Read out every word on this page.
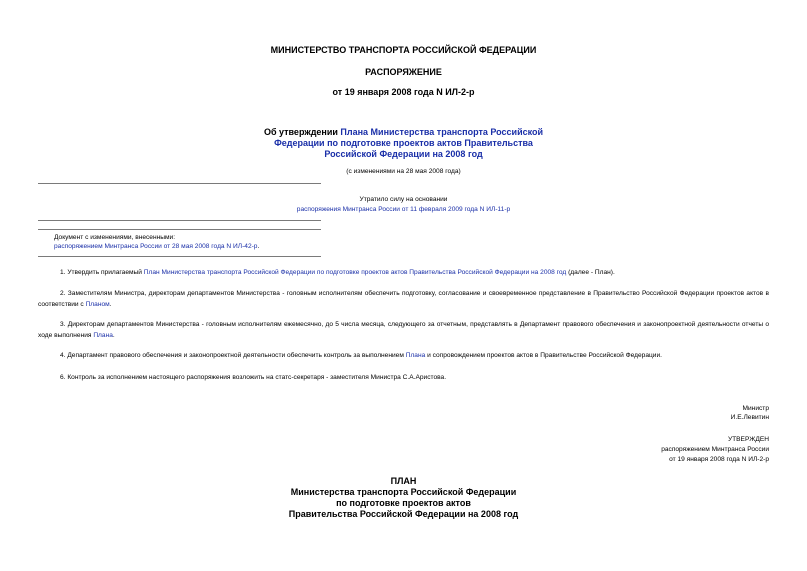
МИНИСТЕРСТВО ТРАНСПОРТА РОССИЙСКОЙ ФЕДЕРАЦИИ
РАСПОРЯЖЕНИЕ
от 19 января 2008 года N ИЛ-2-р
Об утверждении Плана Министерства транспорта Российской
Федерации по подготовке проектов актов Правительства
Российской Федерации на 2008 год
(с изменениями на 28 мая 2008 года)
Утратило силу на основании
распоряжения Минтранса России от 11 февраля 2009 года N ИЛ-11-р
Документ с изменениями, внесенными:
распоряжением Минтранса России от 28 мая 2008 года N ИЛ-42-р.
1. Утвердить прилагаемый План Министерства транспорта Российской Федерации по подготовке проектов актов Правительства Российской Федерации на 2008 год (далее - План).
2. Заместителям Министра, директорам департаментов Министерства - головным исполнителям обеспечить подготовку, согласование и своевременное представление в Правительство Российской Федерации проектов актов в соответствии с Планом.
3. Директорам департаментов Министерства - головным исполнителям ежемесячно, до 5 числа месяца, следующего за отчетным, представлять в Департамент правового обеспечения и законопроектной деятельности отчеты о ходе выполнения Плана.
4. Департамент правового обеспечения и законопроектной деятельности обеспечить контроль за выполнением Плана и сопровождением проектов актов в Правительстве Российской Федерации.
6. Контроль за исполнением настоящего распоряжения возложить на статс-секретаря - заместителя Министра С.А.Аристова.
Министр
И.Е.Левитин
УТВЕРЖДЕН
распоряжением Минтранса России
от 19 января 2008 года N ИЛ-2-р
ПЛАН
Министерства транспорта Российской Федерации
по подготовке проектов актов
Правительства Российской Федерации на 2008 год
